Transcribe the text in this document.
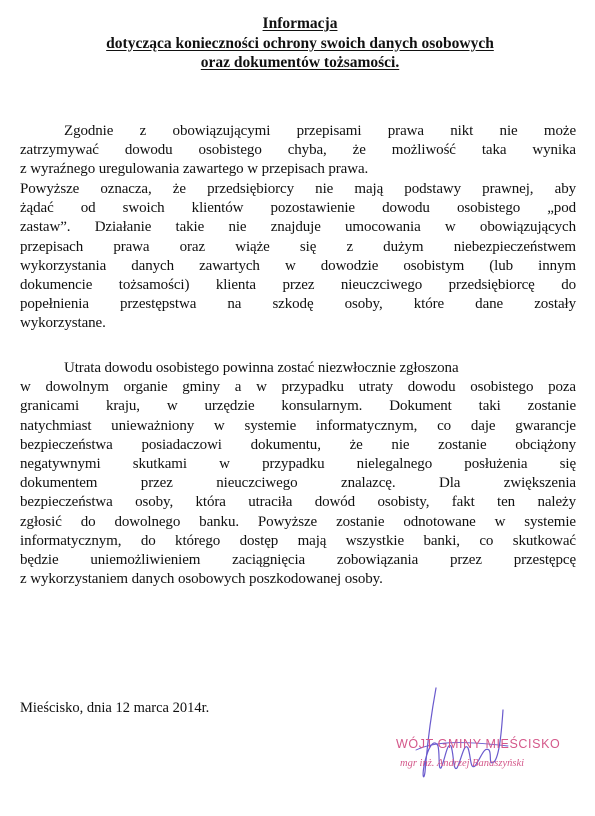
Informacja
dotycząca konieczności ochrony swoich danych osobowych
oraz dokumentów tożsamości.
Zgodnie z obowiązującymi przepisami prawa nikt nie może
zatrzymywać dowodu osobistego chyba, że możliwość taka wynika
z wyraźnego uregulowania zawartego w przepisach prawa.
Powyższe oznacza, że przedsiębiorcy nie mają podstawy prawnej, aby
żądać od swoich klientów pozostawienie dowodu osobistego „pod
zastaw”. Działanie takie nie znajduje umocowania w obowiązujących
przepisach prawa oraz wiąże się z dużym niebezpieczeństwem
wykorzystania danych zawartych w dowodzie osobistym (lub innym
dokumencie tożsamości) klienta przez nieuczciwego przedsiębiorcę do
popełnienia przestępstwa na szkodę osoby, które dane zostały
wykorzystane.
Utrata dowodu osobistego powinna zostać niezwłocznie zgłoszona
w dowolnym organie gminy a w przypadku utraty dowodu osobistego poza
granicami kraju, w urzędzie konsularnym. Dokument taki zostanie
natychmiast unieważniony w systemie informatycznym, co daje gwarancje
bezpieczeństwa posiadaczowi dokumentu, że nie zostanie obciążony
negatywnymi skutkami w przypadku nielegalnego posłużenia się
dokumentem przez nieuczciwego znalazcę. Dla zwiększenia
bezpieczeństwa osoby, która utraciła dowód osobisty, fakt ten należy
zgłosić do dowolnego banku. Powyższe zostanie odnotowane w systemie
informatycznym, do którego dostęp mają wszystkie banki, co skutkować
będzie uniemożliwieniem zaciągnięcia zobowiązania przez przestępcę
z wykorzystaniem danych osobowych poszkodowanej osoby.
Mieścisko, dnia 12 marca 2014r.
WÓJT GMINY MIEŚCISKO
mgr inż. Andrzej Banaszyński
